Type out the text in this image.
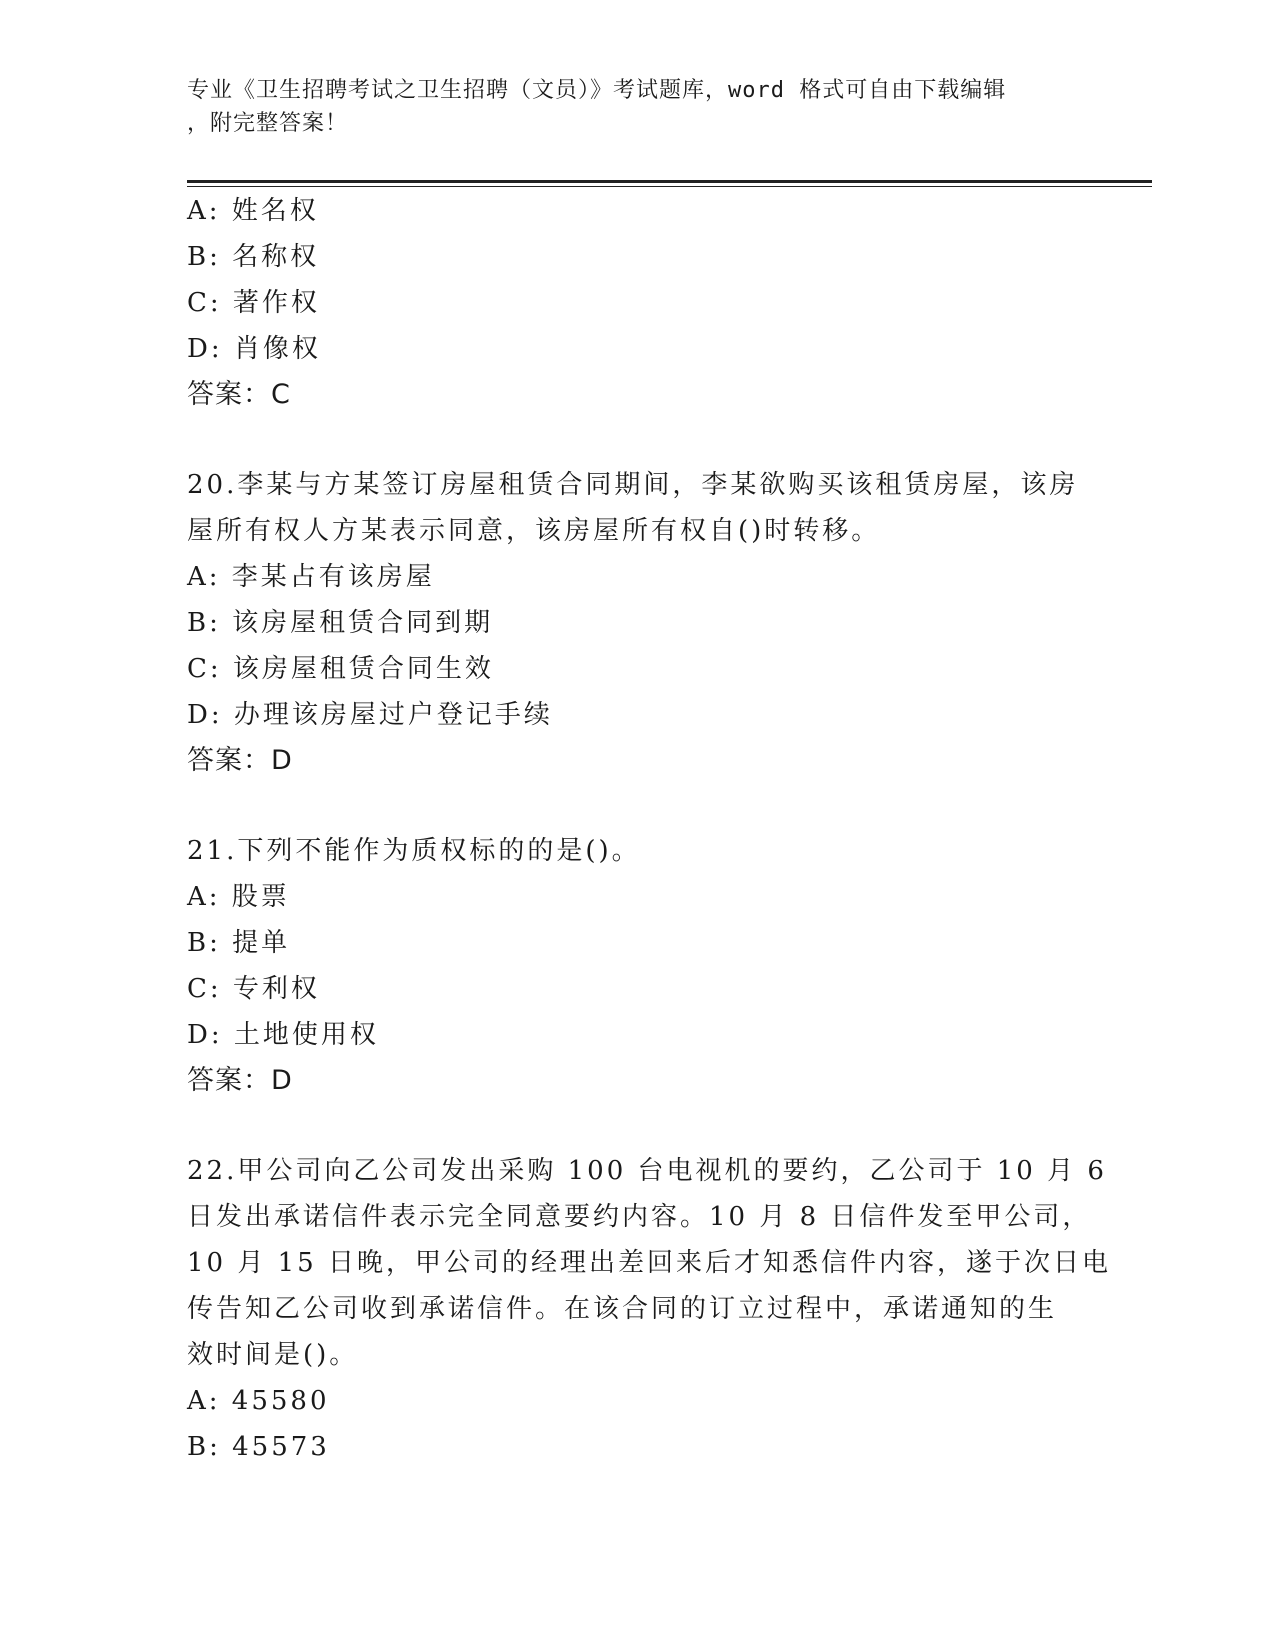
专业《卫生招聘考试之卫生招聘（文员）》考试题库，word 格式可自由下载编辑
，附完整答案！
A: 姓名权
B: 名称权
C: 著作权
D: 肖像权
答案：C
20.李某与方某签订房屋租赁合同期间，李某欲购买该租赁房屋，该房
屋所有权人方某表示同意，该房屋所有权自()时转移。
A: 李某占有该房屋
B: 该房屋租赁合同到期
C: 该房屋租赁合同生效
D: 办理该房屋过户登记手续
答案：D
21.下列不能作为质权标的的是()。
A: 股票
B: 提单
C: 专利权
D: 土地使用权
答案：D
22.甲公司向乙公司发出采购 100 台电视机的要约，乙公司于 10 月 6
日发出承诺信件表示完全同意要约内容。10 月 8 日信件发至甲公司，
10 月 15 日晚，甲公司的经理出差回来后才知悉信件内容，遂于次日电
传告知乙公司收到承诺信件。在该合同的订立过程中，承诺通知的生
效时间是()。
A: 45580
B: 45573
